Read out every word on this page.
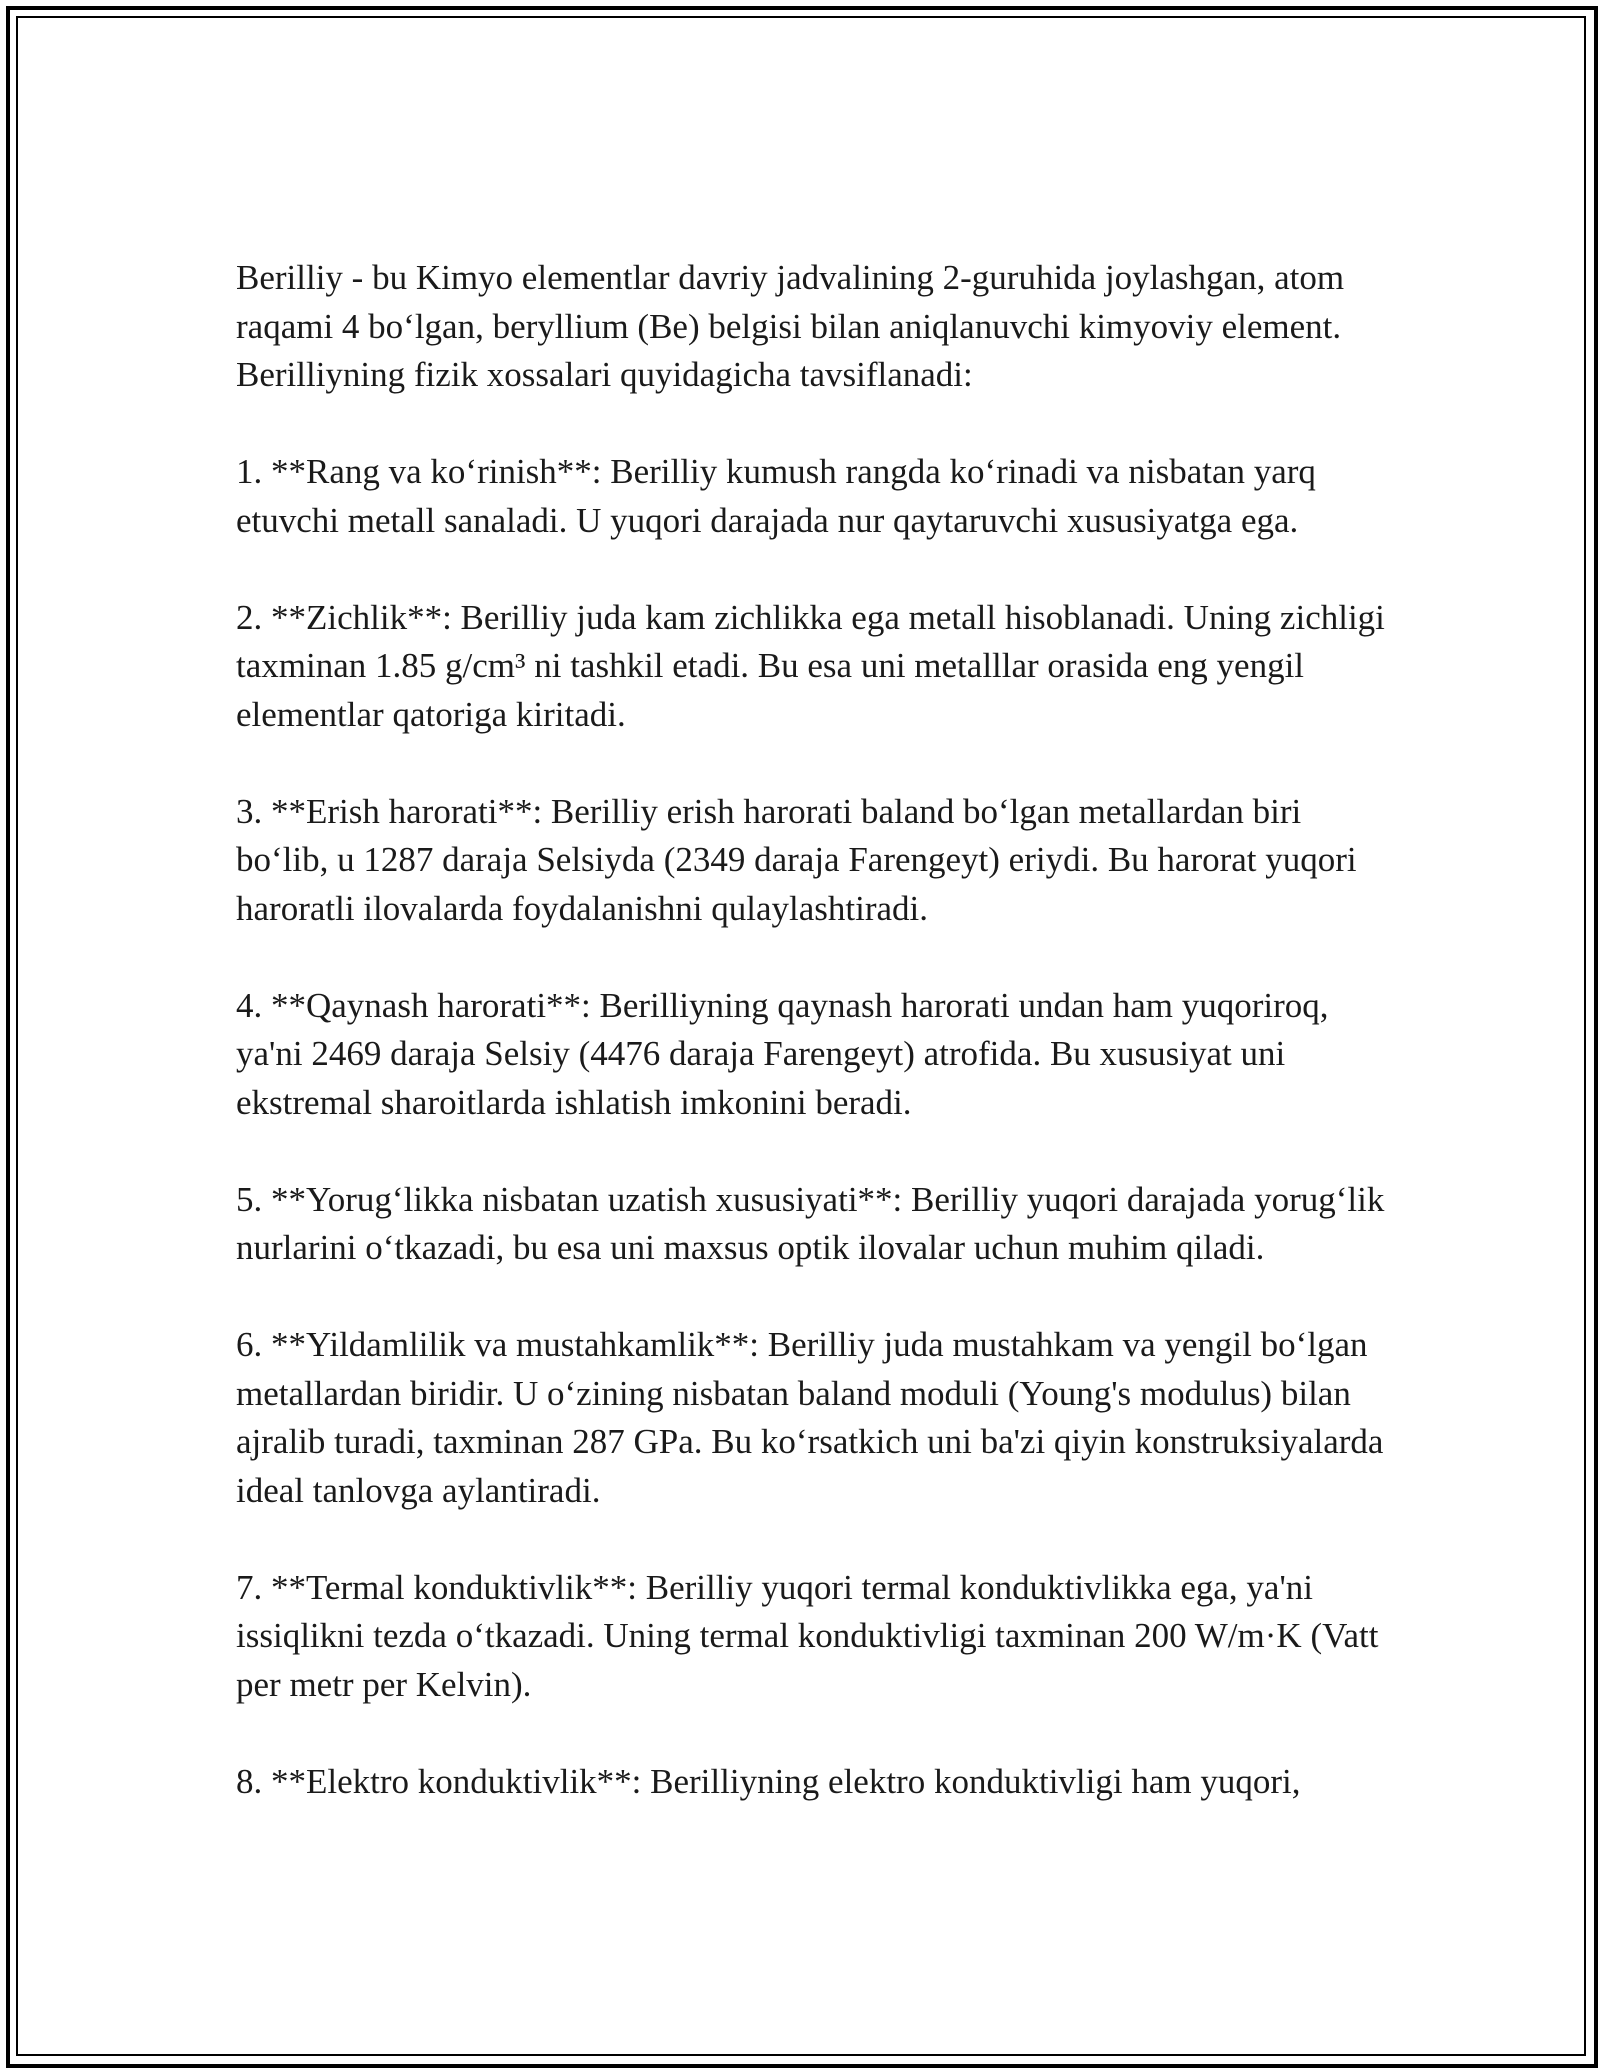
Berilliy - bu Kimyo elementlar davriy jadvalining 2-guruhida joylashgan, atom raqami 4 bo‘lgan, beryllium (Be) belgisi bilan aniqlanuvchi kimyoviy element. Berilliyning fizik xossalari quyidagicha tavsiflanadi:

1. **Rang va ko‘rinish**: Berilliy kumush rangda ko‘rinadi va nisbatan yarq etuvchi metall sanaladi. U yuqori darajada nur qaytaruvchi xususiyatga ega.

2. **Zichlik**: Berilliy juda kam zichlikka ega metall hisoblanadi. Uning zichligi taxminan 1.85 g/cm³ ni tashkil etadi. Bu esa uni metalllar orasida eng yengil elementlar qatoriga kiritadi.

3. **Erish harorati**: Berilliy erish harorati baland bo‘lgan metallardan biri bo‘lib, u 1287 daraja Selsiyda (2349 daraja Farengeyt) eriydi. Bu harorat yuqori haroratli ilovalarda foydalanishni qulaylashtiradi.

4. **Qaynash harorati**: Berilliyning qaynash harorati undan ham yuqoriroq, ya'ni 2469 daraja Selsiy (4476 daraja Farengeyt) atrofida. Bu xususiyat uni ekstremal sharoitlarda ishlatish imkonini beradi.

5. **Yorug‘likka nisbatan uzatish xususiyati**: Berilliy yuqori darajada yorug‘lik nurlarini o‘tkazadi, bu esa uni maxsus optik ilovalar uchun muhim qiladi.

6. **Yildamlilik va mustahkamlik**: Berilliy juda mustahkam va yengil bo‘lgan metallardan biridir. U o‘zining nisbatan baland moduli (Young's modulus) bilan ajralib turadi, taxminan 287 GPa. Bu ko‘rsatkich uni ba'zi qiyin konstruksiyalarda ideal tanlovga aylantiradi.

7. **Termal konduktivlik**: Berilliy yuqori termal konduktivlikka ega, ya'ni issiqlikni tezda o‘tkazadi. Uning termal konduktivligi taxminan 200 W/m·K (Vatt per metr per Kelvin).

8. **Elektro konduktivlik**: Berilliyning elektro konduktivligi ham yuqori,
